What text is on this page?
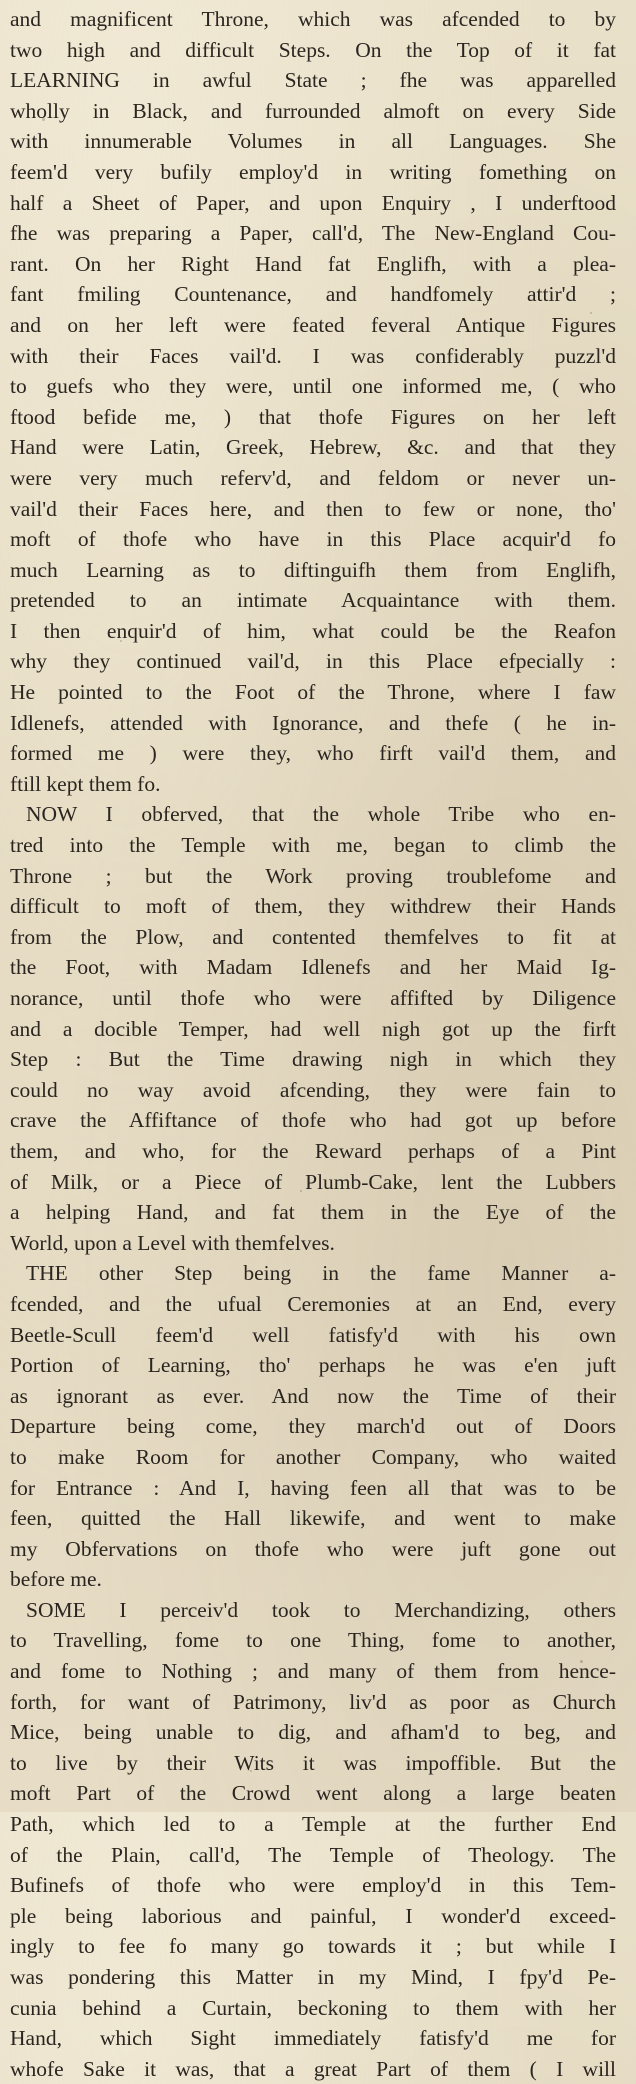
and magnificent Throne, which was afcended to by
two high and difficult Steps. On the Top of it fat
LEARNING in awful State ; fhe was apparelled
wholly in Black, and furrounded almoft on every Side
with innumerable Volumes in all Languages. She
feem'd very bufily employ'd in writing fomething on
half a Sheet of Paper, and upon Enquiry , I underftood
fhe was preparing a Paper, call'd, The New-England Cou-
rant. On her Right Hand fat Englifh, with a plea-
fant fmiling Countenance, and handfomely attir'd ;
and on her left were feated feveral Antique Figures
with their Faces vail'd. I was confiderably puzzl'd
to guefs who they were, until one informed me, ( who
ftood befide me, ) that thofe Figures on her left
Hand were Latin, Greek, Hebrew, &c. and that they
were very much referv'd, and feldom or never un-
vail'd their Faces here, and then to few or none, tho'
moft of thofe who have in this Place acquir'd fo
much Learning as to diftinguifh them from Englifh,
pretended to an intimate Acquaintance with them.
I then enquir'd of him, what could be the Reafon
why they continued vail'd, in this Place efpecially :
He pointed to the Foot of the Throne, where I faw
Idlenefs, attended with Ignorance, and thefe ( he in-
formed me ) were they, who firft vail'd them, and
ftill kept them fo.
NOW I obferved, that the whole Tribe who en-
tred into the Temple with me, began to climb the
Throne ; but the Work proving troublefome and
difficult to moft of them, they withdrew their Hands
from the Plow, and contented themfelves to fit at
the Foot, with Madam Idlenefs and her Maid Ig-
norance, until thofe who were affifted by Diligence
and a docible Temper, had well nigh got up the firft
Step : But the Time drawing nigh in which they
could no way avoid afcending, they were fain to
crave the Affiftance of thofe who had got up before
them, and who, for the Reward perhaps of a Pint
of Milk, or a Piece of Plumb-Cake, lent the Lubbers
a helping Hand, and fat them in the Eye of the
World, upon a Level with themfelves.
THE other Step being in the fame Manner a-
fcended, and the ufual Ceremonies at an End, every
Beetle-Scull feem'd well fatisfy'd with his own
Portion of Learning, tho' perhaps he was e'en juft
as ignorant as ever. And now the Time of their
Departure being come, they march'd out of Doors
to make Room for another Company, who waited
for Entrance : And I, having feen all that was to be
feen, quitted the Hall likewife, and went to make
my Obfervations on thofe who were juft gone out
before me.
SOME I perceiv'd took to Merchandizing, others
to Travelling, fome to one Thing, fome to another,
and fome to Nothing ; and many of them from hence-
forth, for want of Patrimony, liv'd as poor as Church
Mice, being unable to dig, and afham'd to beg, and
to live by their Wits it was impoffible. But the
moft Part of the Crowd went along a large beaten
Path, which led to a Temple at the further End
of the Plain, call'd, The Temple of Theology. The
Bufinefs of thofe who were employ'd in this Tem-
ple being laborious and painful, I wonder'd exceed-
ingly to fee fo many go towards it ; but while I
was pondering this Matter in my Mind, I fpy'd Pe-
cunia behind a Curtain, beckoning to them with her
Hand, which Sight immediately fatisfy'd me for
whofe Sake it was, that a great Part of them ( I will
